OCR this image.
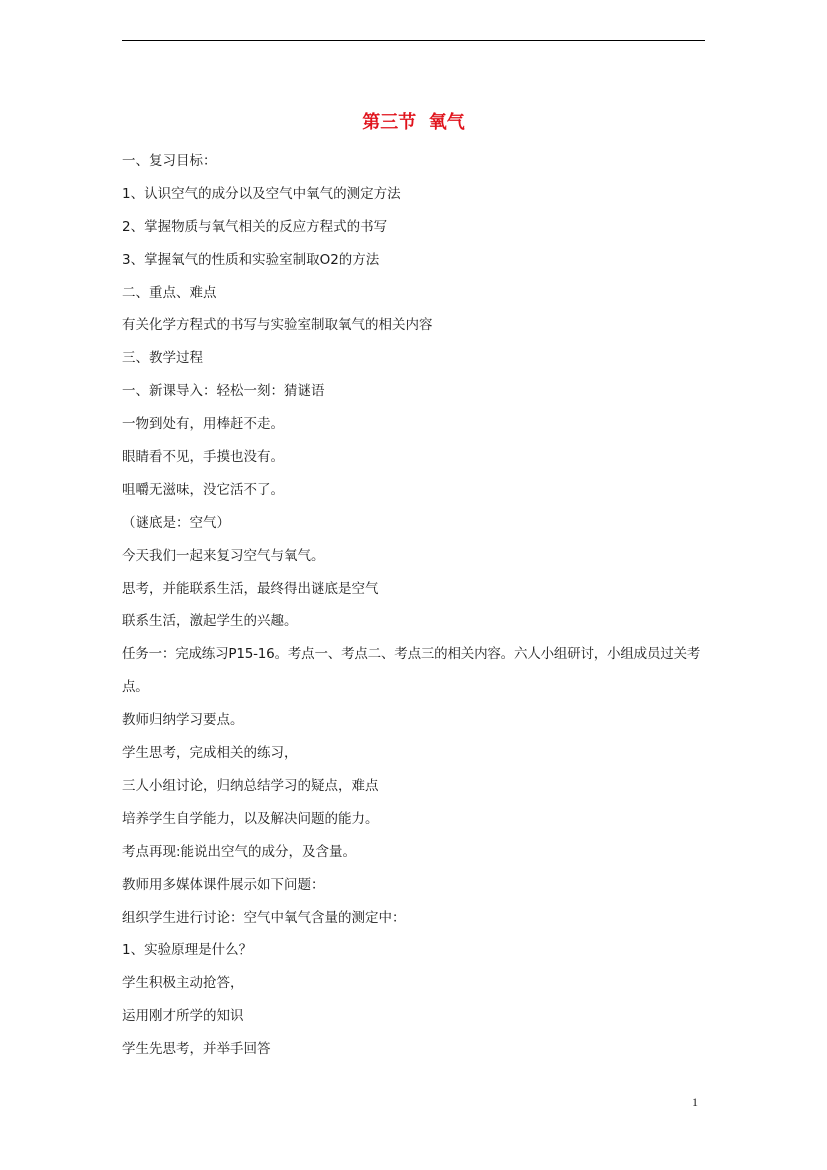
第三节  氧气
一、复习目标：
1、认识空气的成分以及空气中氧气的测定方法
2、掌握物质与氧气相关的反应方程式的书写
3、掌握氧气的性质和实验室制取O2的方法
二、重点、难点
有关化学方程式的书写与实验室制取氧气的相关内容
三、教学过程
一、新课导入：轻松一刻：猜谜语
一物到处有，用棒赶不走。
眼睛看不见，手摸也没有。
咀嚼无滋味，没它活不了。
（谜底是：空气）
今天我们一起来复习空气与氧气。
思考，并能联系生活，最终得出谜底是空气
联系生活，激起学生的兴趣。
任务一：完成练习P15-16。考点一、考点二、考点三的相关内容。六人小组研讨，小组成员过关考点。
教师归纳学习要点。
学生思考，完成相关的练习，
三人小组讨论，归纳总结学习的疑点，难点
培养学生自学能力，以及解决问题的能力。
考点再现:能说出空气的成分，及含量。
教师用多媒体课件展示如下问题：
组织学生进行讨论：空气中氧气含量的测定中：
1、实验原理是什么？
学生积极主动抢答，
运用刚才所学的知识
学生先思考，并举手回答
1
